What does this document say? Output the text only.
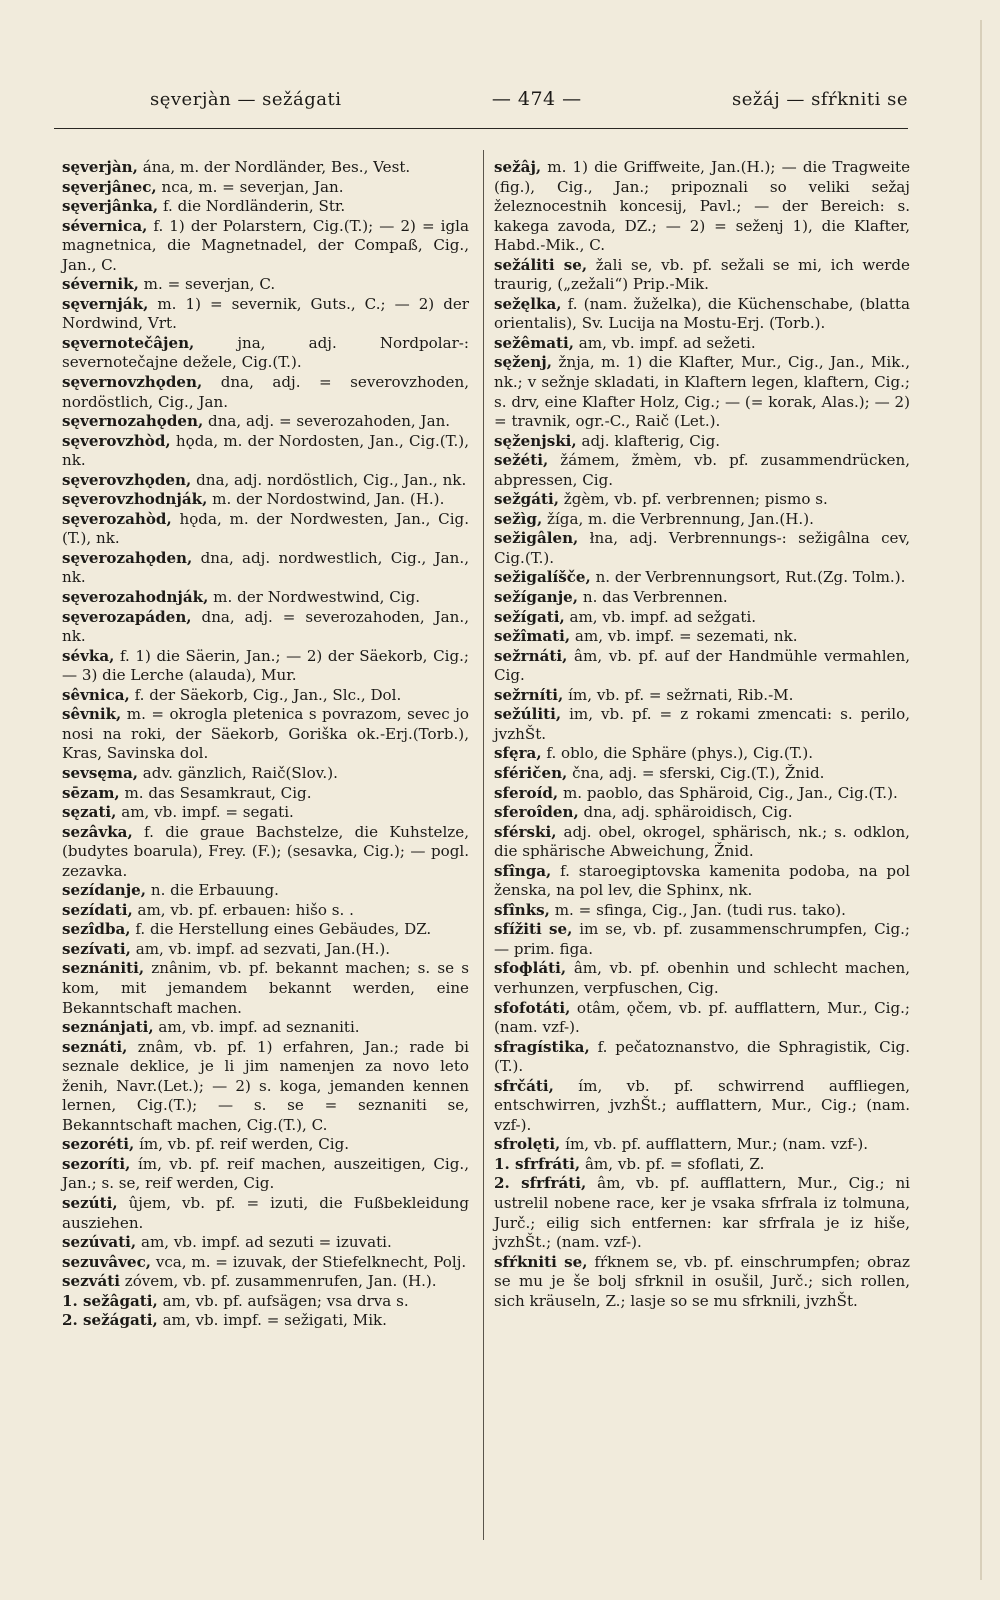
sęverjàn — sežágati	— 474 —	sežáj — sfŕkniti se
sęverjàn, ána, m. der Nordländer, Bes., Vest.
sęverjânec, nca, m. = severjan, Jan.
sęverjânka, f. die Nordländerin, Str.
sévernica, f. 1) der Polarstern, Cig.(T.); — 2) = igla magnetnica, die Magnetnadel, der Compaß, Cig., Jan., C.
sévernik, m. = severjan, C.
sęvernják, m. 1) = severnik, Guts., C.; — 2) der Nordwind, Vrt.
sęvernotečâjen, jna, adj. Nordpolar-: severnotečajne dežele, Cig.(T.).
sęvernovzhǫden, dna, adj. = severovzhoden, nordöstlich, Cig., Jan.
sęvernozahǫden, dna, adj. = severozahoden, Jan.
sęverovzhòd, hǫda, m. der Nordosten, Jan., Cig.(T.), nk.
sęverovzhǫden, dna, adj. nordöstlich, Cig., Jan., nk.
sęverovzhodnják, m. der Nordostwind, Jan. (H.).
sęverozahòd, hǫda, m. der Nordwesten, Jan., Cig.(T.), nk.
sęverozahǫden, dna, adj. nordwestlich, Cig., Jan., nk.
sęverozahodnják, m. der Nordwestwind, Cig.
sęverozapáden, dna, adj. = severozahoden, Jan., nk.
sévka, f. 1) die Säerin, Jan.; — 2) der Säekorb, Cig.; — 3) die Lerche (alauda), Mur.
sêvnica, f. der Säekorb, Cig., Jan., Slc., Dol.
sêvnik, m. = okrogla pletenica s povrazom, sevec jo nosi na roki, der Säekorb, Goriška ok.-Erj.(Torb.), Kras, Savinska dol.
sevsęma, adv. gänzlich, Raič(Slov.).
sēzam, m. das Sesamkraut, Cig.
sęzati, am, vb. impf. = segati.
sezâvka, f. die graue Bachstelze, die Kuhstelze, (budytes boarula), Frey. (F.); (sesavka, Cig.); — pogl. zezavka.
sezídanje, n. die Erbauung.
sezídati, am, vb. pf. erbauen: hišo s. .
sezîdba, f. die Herstellung eines Gebäudes, DZ.
sezívati, am, vb. impf. ad sezvati, Jan.(H.).
seznániti, znânim, vb. pf. bekannt machen; s. se s kom, mit jemandem bekannt werden, eine Bekanntschaft machen.
seznánjati, am, vb. impf. ad seznaniti.
seznáti, znâm, vb. pf. 1) erfahren, Jan.; rade bi seznale deklice, je li jim namenjen za novo leto ženih, Navr.(Let.); — 2) s. koga, jemanden kennen lernen, Cig.(T.); — s. se = seznaniti se, Bekanntschaft machen, Cig.(T.), C.
sezoréti, ím, vb. pf. reif werden, Cig.
sezoríti, ím, vb. pf. reif machen, auszeitigen, Cig., Jan.; s. se, reif werden, Cig.
sezúti, ûjem, vb. pf. = izuti, die Fußbekleidung ausziehen.
sezúvati, am, vb. impf. ad sezuti = izuvati.
sezuvâvec, vca, m. = izuvak, der Stiefelknecht, Polj.
sezváti zóvem, vb. pf. zusammenrufen, Jan. (H.).
1. sežâgati, am, vb. pf. aufsägen; vsa drva s.
2. sežágati, am, vb. impf. = sežigati, Mik.
sežâj, m. 1) die Griffweite, Jan.(H.); — die Tragweite (fig.), Cig., Jan.; pripoznali so veliki sežaj železnocestnih koncesij, Pavl.; — der Bereich: s. kakega zavoda, DZ.; — 2) = seženj 1), die Klafter, Habd.-Mik., C.
sežáliti se, žali se, vb. pf. sežali se mi, ich werde traurig, („zežali“) Prip.-Mik.
sežęlka, f. (nam. žuželka), die Küchenschabe, (blatta orientalis), Sv. Lucija na Mostu-Erj. (Torb.).
sežêmati, am, vb. impf. ad sežeti.
sęženj, žnja, m. 1) die Klafter, Mur., Cig., Jan., Mik., nk.; v sežnje skladati, in Klaftern legen, klaftern, Cig.; s. drv, eine Klafter Holz, Cig.; — (= korak, Alas.); — 2) = travnik, ogr.-C., Raič (Let.).
sęženjski, adj. klafterig, Cig.
sežéti, žámem, žmèm, vb. pf. zusammendrücken, abpressen, Cig.
sežgáti, žgèm, vb. pf. verbrennen; pismo s.
sežìg, žíga, m. die Verbrennung, Jan.(H.).
sežigâlen, łna, adj. Verbrennungs-: sežigâlna cev, Cig.(T.).
sežigalíšče, n. der Verbrennungsort, Rut.(Zg. Tolm.).
sežíganje, n. das Verbrennen.
sežígati, am, vb. impf. ad sežgati.
sežîmati, am, vb. impf. = sezemati, nk.
sežrnáti, âm, vb. pf. auf der Handmühle vermahlen, Cig.
sežrníti, ím, vb. pf. = sežrnati, Rib.-M.
sežúliti, im, vb. pf. = z rokami zmencati: s. perilo, jvzhŠt.
sfęra, f. oblo, die Sphäre (phys.), Cig.(T.).
sféričen, čna, adj. = sferski, Cig.(T.), Žnid.
sferoíd, m. paoblo, das Sphäroid, Cig., Jan., Cig.(T.).
sferoîden, dna, adj. sphäroidisch, Cig.
sférski, adj. obel, okrogel, sphärisch, nk.; s. odklon, die sphärische Abweichung, Žnid.
sfînga, f. staroegiptovska kamenita podoba, na pol ženska, na pol lev, die Sphinx, nk.
sfînks, m. = sfinga, Cig., Jan. (tudi rus. tako).
sfížiti se, im se, vb. pf. zusammenschrumpfen, Cig.; — prim. figa.
sfoфláti, âm, vb. pf. obenhin und schlecht machen, verhunzen, verpfuschen, Cig.
sfofotáti, otâm, ǫčem, vb. pf. aufflattern, Mur., Cig.; (nam. vzf-).
sfragístika, f. pečatoznanstvo, die Sphragistik, Cig.(T.).
sfrčáti, ím, vb. pf. schwirrend auffliegen, entschwirren, jvzhŠt.; aufflattern, Mur., Cig.; (nam. vzf-).
sfrolęti, ím, vb. pf. aufflattern, Mur.; (nam. vzf-).
1. sfrfráti, âm, vb. pf. = sfoflati, Z.
2. sfrfráti, âm, vb. pf. aufflattern, Mur., Cig.; ni ustrelil nobene race, ker je vsaka sfrfrala iz tolmuna, Jurč.; eilig sich entfernen: kar sfrfrala je iz hiše, jvzhŠt.; (nam. vzf-).
sfŕkniti se, fŕknem se, vb. pf. einschrumpfen; obraz se mu je še bolj sfrknil in osušil, Jurč.; sich rollen, sich kräuseln, Z.; lasje so se mu sfrknili, jvzhŠt.
